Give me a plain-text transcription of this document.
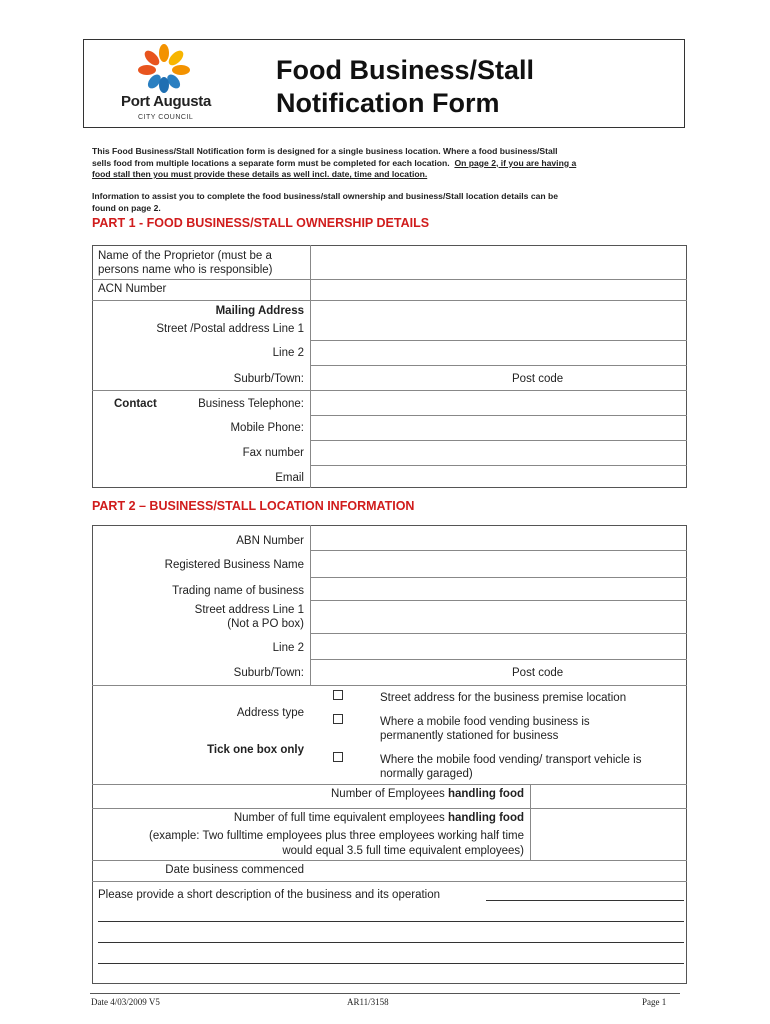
Port Augusta
CITY COUNCIL
Food Business/Stall
Notification Form
This Food Business/Stall Notification form is designed for a single business location. Where a food business/Stall
sells food from multiple locations a separate form must be completed for each location. On page 2, if you are having a
food stall then you must provide these details as well incl. date, time and location.
Information to assist you to complete the food business/stall ownership and business/Stall location details can be
found on page 2.
PART 1 - FOOD BUSINESS/STALL OWNERSHIP DETAILS
Name of the Proprietor (must be a
persons name who is responsible)
ACN Number
Mailing Address
Street /Postal address Line 1
Line 2
Suburb/Town:	Post code
Contact	Business Telephone:
Mobile Phone:
Fax number
Email
PART 2 – BUSINESS/STALL LOCATION INFORMATION
ABN Number
Registered Business Name
Trading name of business
Street address Line 1
(Not a PO box)
Line 2
Suburb/Town:	Post code
Address type
Tick one box only
Street address for the business premise location
Where a mobile food vending business is
permanently stationed for business
Where the mobile food vending/ transport vehicle is
normally garaged)
Number of Employees handling food
Number of full time equivalent employees handling food
(example: Two fulltime employees plus three employees working half time
would equal 3.5 full time equivalent employees)
Date business commenced
Please provide a short description of the business and its operation
Date 4/03/2009 V5	AR11/3158	Page 1
